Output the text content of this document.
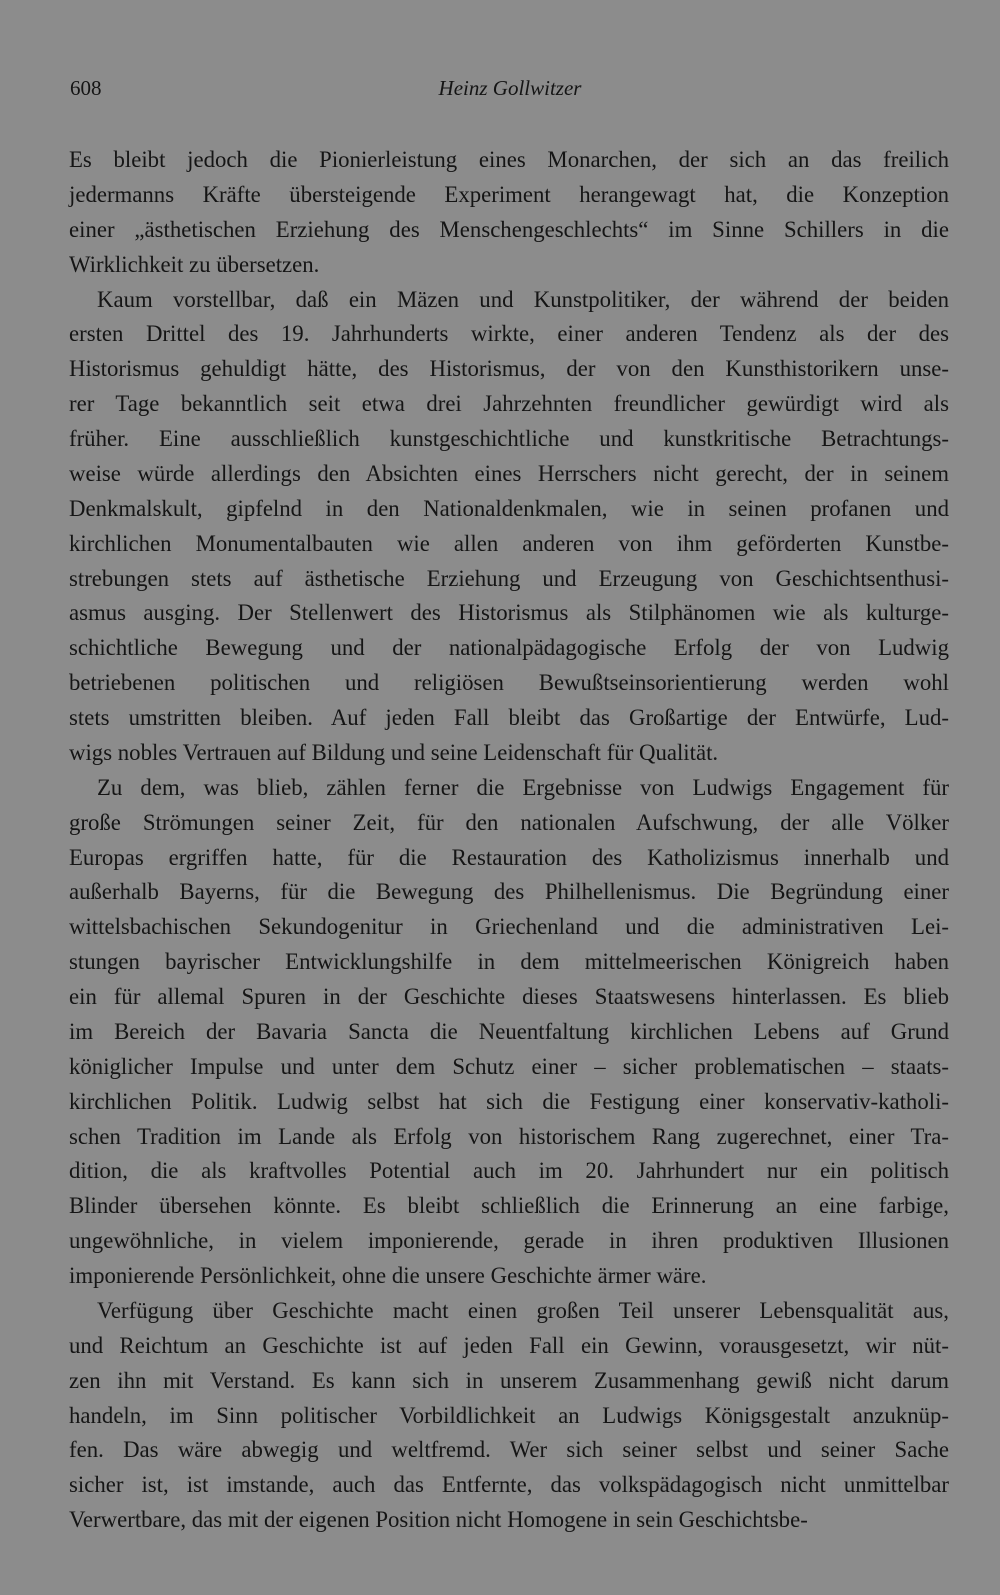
608	Heinz Gollwitzer
Es bleibt jedoch die Pionierleistung eines Monarchen, der sich an das freilich
jedermanns Kräfte übersteigende Experiment herangewagt hat, die Konzeption
einer „ästhetischen Erziehung des Menschengeschlechts“ im Sinne Schillers in die
Wirklichkeit zu übersetzen.
Kaum vorstellbar, daß ein Mäzen und Kunstpolitiker, der während der beiden
ersten Drittel des 19. Jahrhunderts wirkte, einer anderen Tendenz als der des
Historismus gehuldigt hätte, des Historismus, der von den Kunsthistorikern unse-
rer Tage bekanntlich seit etwa drei Jahrzehnten freundlicher gewürdigt wird als
früher. Eine ausschließlich kunstgeschichtliche und kunstkritische Betrachtungs-
weise würde allerdings den Absichten eines Herrschers nicht gerecht, der in seinem
Denkmalskult, gipfelnd in den Nationaldenkmalen, wie in seinen profanen und
kirchlichen Monumentalbauten wie allen anderen von ihm geförderten Kunstbe-
strebungen stets auf ästhetische Erziehung und Erzeugung von Geschichtsenthusi-
asmus ausging. Der Stellenwert des Historismus als Stilphänomen wie als kulturge-
schichtliche Bewegung und der nationalpädagogische Erfolg der von Ludwig
betriebenen politischen und religiösen Bewußtseinsorientierung werden wohl
stets umstritten bleiben. Auf jeden Fall bleibt das Großartige der Entwürfe, Lud-
wigs nobles Vertrauen auf Bildung und seine Leidenschaft für Qualität.
Zu dem, was blieb, zählen ferner die Ergebnisse von Ludwigs Engagement für
große Strömungen seiner Zeit, für den nationalen Aufschwung, der alle Völker
Europas ergriffen hatte, für die Restauration des Katholizismus innerhalb und
außerhalb Bayerns, für die Bewegung des Philhellenismus. Die Begründung einer
wittelsbachischen Sekundogenitur in Griechenland und die administrativen Lei-
stungen bayrischer Entwicklungshilfe in dem mittelmeerischen Königreich haben
ein für allemal Spuren in der Geschichte dieses Staatswesens hinterlassen. Es blieb
im Bereich der Bavaria Sancta die Neuentfaltung kirchlichen Lebens auf Grund
königlicher Impulse und unter dem Schutz einer – sicher problematischen – staats-
kirchlichen Politik. Ludwig selbst hat sich die Festigung einer konservativ-katholi-
schen Tradition im Lande als Erfolg von historischem Rang zugerechnet, einer Tra-
dition, die als kraftvolles Potential auch im 20. Jahrhundert nur ein politisch
Blinder übersehen könnte. Es bleibt schließlich die Erinnerung an eine farbige,
ungewöhnliche, in vielem imponierende, gerade in ihren produktiven Illusionen
imponierende Persönlichkeit, ohne die unsere Geschichte ärmer wäre.
Verfügung über Geschichte macht einen großen Teil unserer Lebensqualität aus,
und Reichtum an Geschichte ist auf jeden Fall ein Gewinn, vorausgesetzt, wir nüt-
zen ihn mit Verstand. Es kann sich in unserem Zusammenhang gewiß nicht darum
handeln, im Sinn politischer Vorbildlichkeit an Ludwigs Königsgestalt anzuknüp-
fen. Das wäre abwegig und weltfremd. Wer sich seiner selbst und seiner Sache
sicher ist, ist imstande, auch das Entfernte, das volkspädagogisch nicht unmittelbar
Verwertbare, das mit der eigenen Position nicht Homogene in sein Geschichtsbe-
